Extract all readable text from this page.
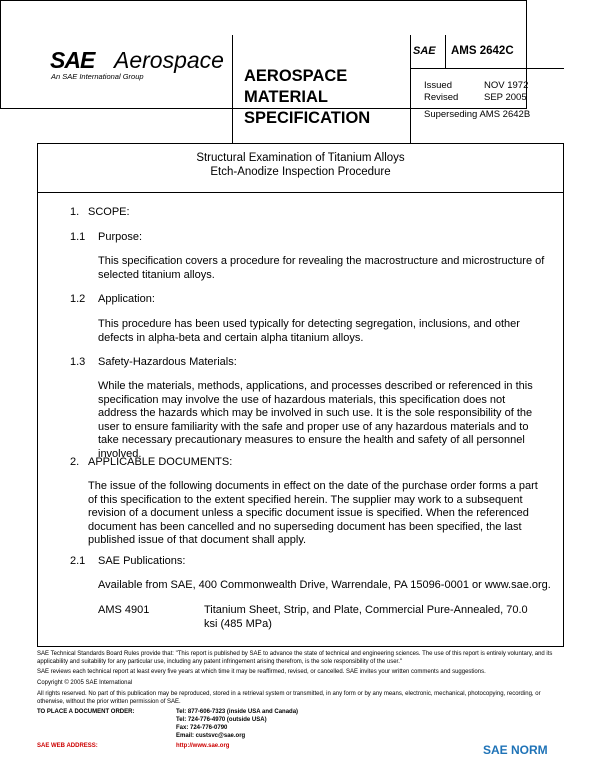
SAE Aerospace
An SAE International Group	AEROSPACE
MATERIAL
SPECIFICATION
SAE AMS 2642C
Issued	NOV 1972
Revised	SEP 2005
Superseding AMS 2642B
Structural Examination of Titanium Alloys
Etch-Anodize Inspection Procedure
1. SCOPE:
1.1 Purpose:
This specification covers a procedure for revealing the macrostructure and microstructure of selected titanium alloys.
1.2 Application:
This procedure has been used typically for detecting segregation, inclusions, and other defects in alpha-beta and certain alpha titanium alloys.
1.3 Safety-Hazardous Materials:
While the materials, methods, applications, and processes described or referenced in this specification may involve the use of hazardous materials, this specification does not address the hazards which may be involved in such use. It is the sole responsibility of the user to ensure familiarity with the safe and proper use of any hazardous materials and to take necessary precautionary measures to ensure the health and safety of all personnel involved.
2. APPLICABLE DOCUMENTS:
The issue of the following documents in effect on the date of the purchase order forms a part of this specification to the extent specified herein. The supplier may work to a subsequent revision of a document unless a specific document issue is specified. When the referenced document has been cancelled and no superseding document has been specified, the last published issue of that document shall apply.
2.1 SAE Publications:
Available from SAE, 400 Commonwealth Drive, Warrendale, PA 15096-0001 or www.sae.org.
AMS 4901	Titanium Sheet, Strip, and Plate, Commercial Pure-Annealed, 70.0 ksi (485 MPa)
SAE Technical Standards Board Rules provide that: "This report is published by SAE to advance the state of technical and engineering sciences. The use of this report is entirely voluntary, and its applicability and suitability for any particular use, including any patent infringement arising therefrom, is the sole responsibility of the user."
SAE reviews each technical report at least every five years at which time it may be reaffirmed, revised, or cancelled. SAE invites your written comments and suggestions.
Copyright © 2005 SAE International
All rights reserved. No part of this publication may be reproduced, stored in a retrieval system or transmitted, in any form or by any means, electronic, mechanical, photocopying, recording, or otherwise, without the prior written permission of SAE.
TO PLACE A DOCUMENT ORDER:	Tel: 877-606-7323 (inside USA and Canada)
Tel: 724-776-4970 (outside USA)
Fax: 724-776-0790
Email: custsvc@sae.org
SAE WEB ADDRESS:	http://www.sae.org	SAE NORM
